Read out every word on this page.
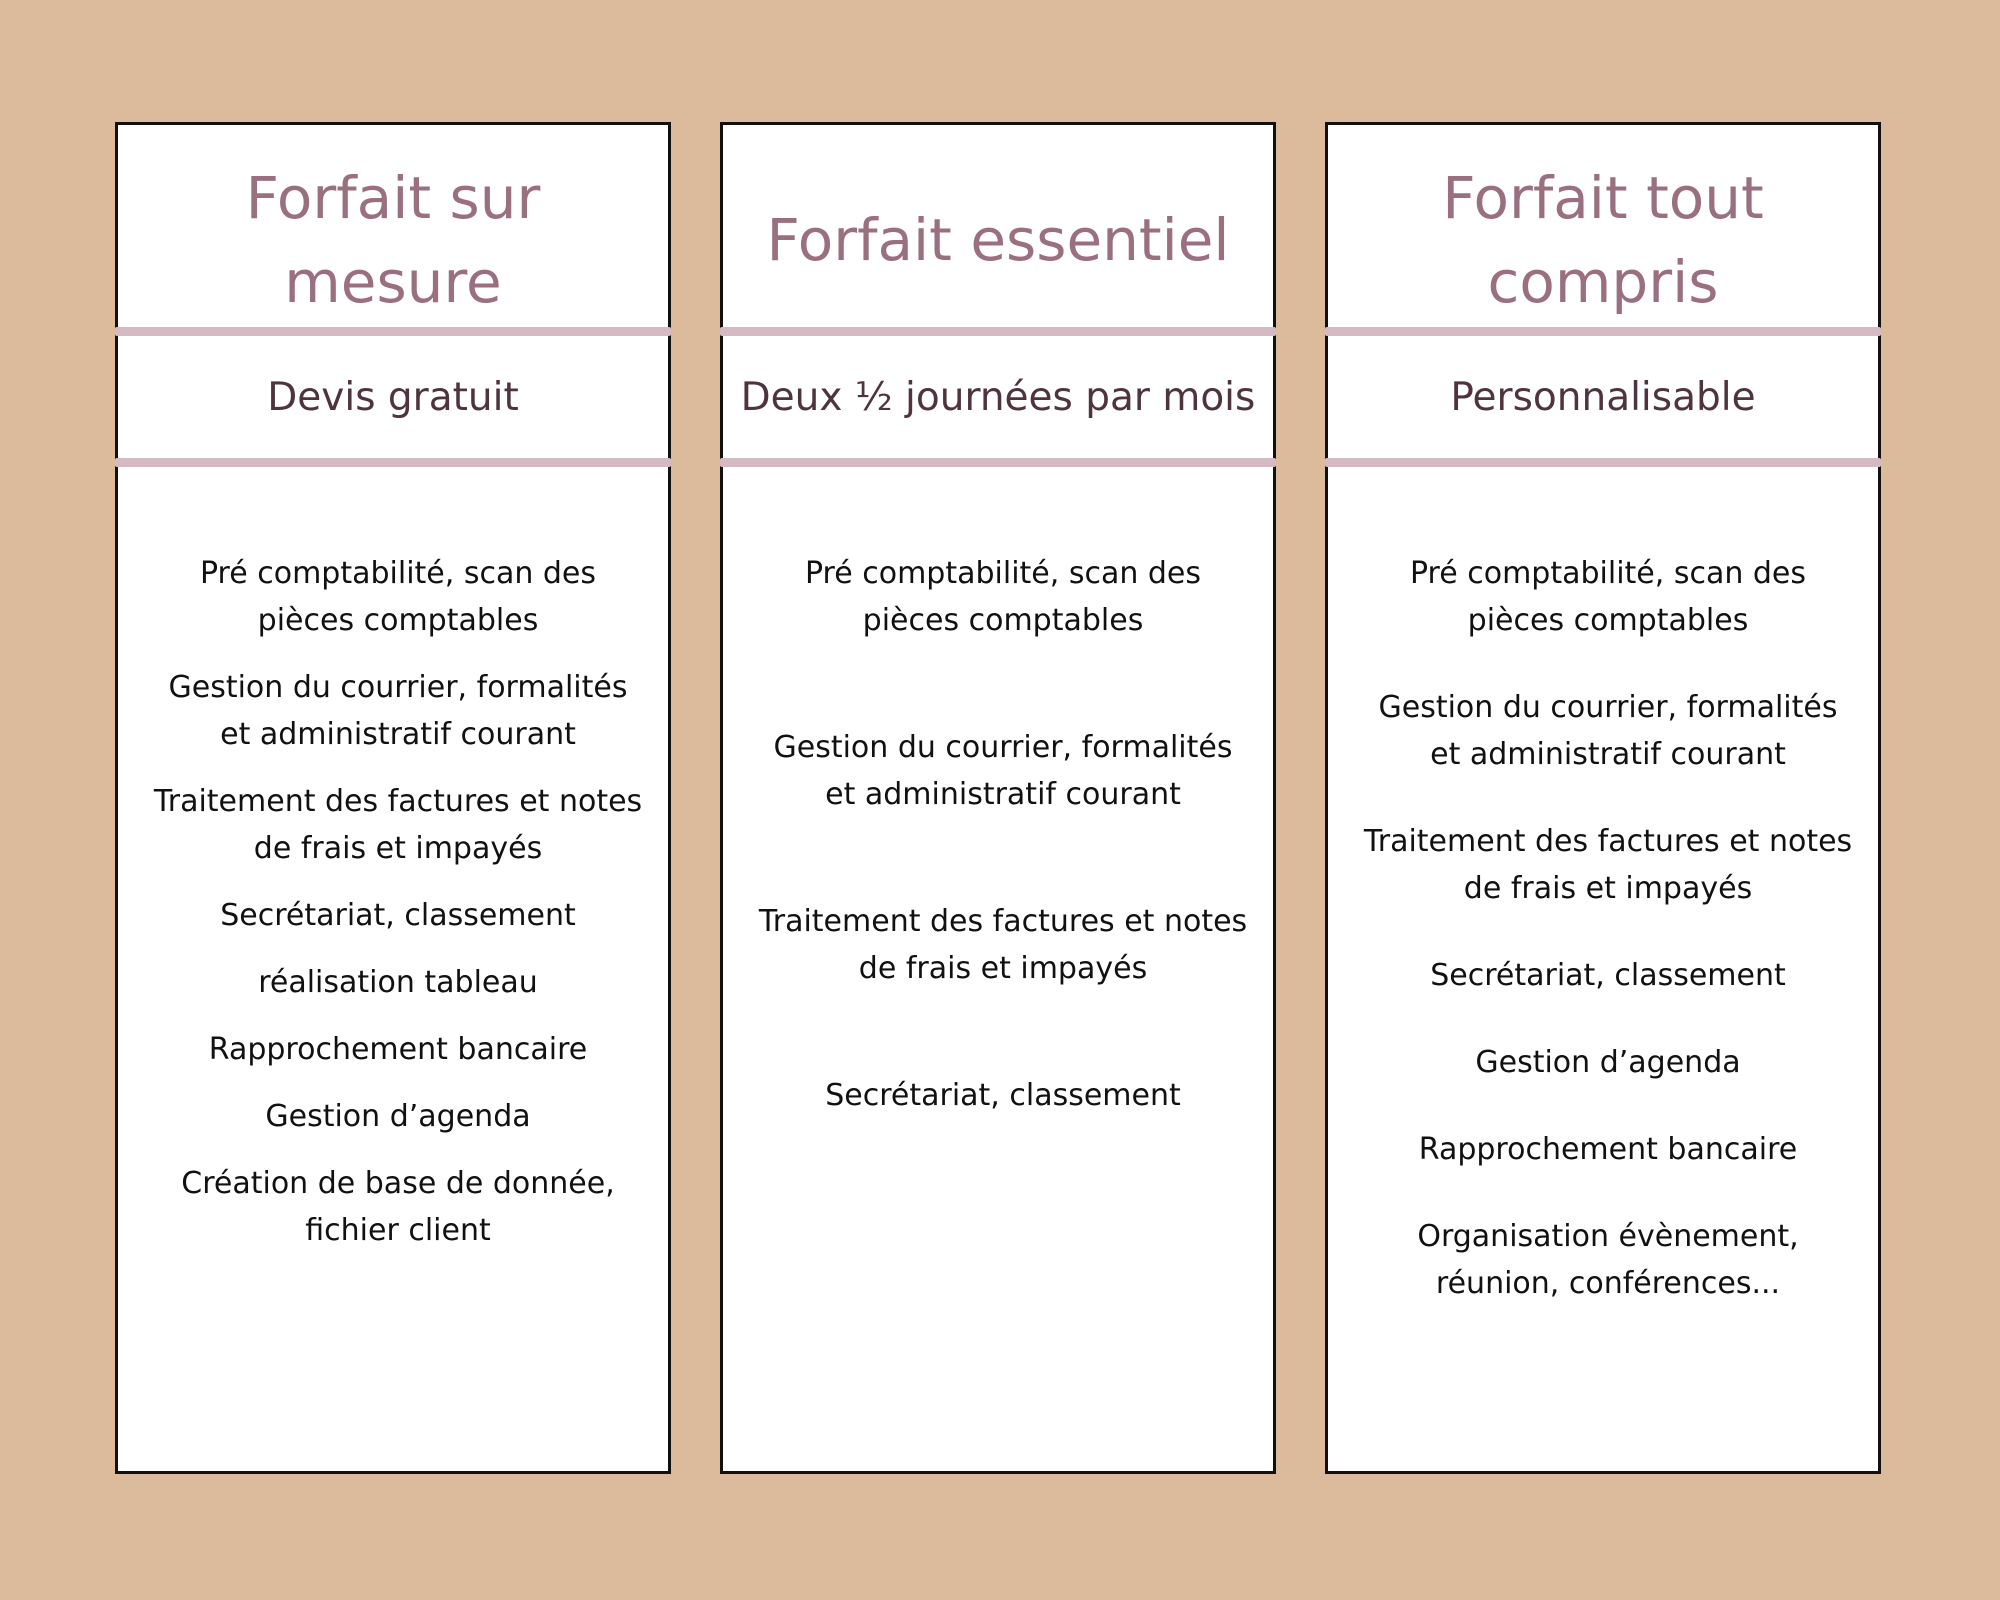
Forfait sur
mesure
Devis gratuit
Pré comptabilité, scan des
pièces comptables
Gestion du courrier, formalités
et administratif courant
Traitement des factures et notes
de frais et impayés
Secrétariat, classement
réalisation tableau
Rapprochement bancaire
Gestion d’agenda
Création de base de donnée,
fichier client
Forfait essentiel
Deux ½ journées par mois
Pré comptabilité, scan des
pièces comptables
Gestion du courrier, formalités
et administratif courant
Traitement des factures et notes
de frais et impayés
Secrétariat, classement
Forfait tout
compris
Personnalisable
Pré comptabilité, scan des
pièces comptables
Gestion du courrier, formalités
et administratif courant
Traitement des factures et notes
de frais et impayés
Secrétariat, classement
Gestion d’agenda
Rapprochement bancaire
Organisation évènement,
réunion, conférences...
